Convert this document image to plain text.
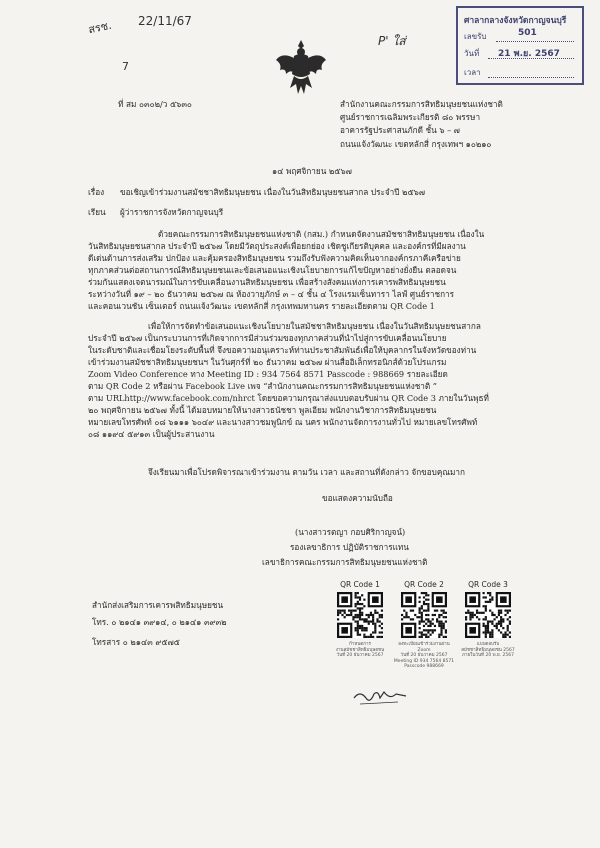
สรช. 22/11/67
7
P' ใส่
ศาลากลางจังหวัดกาญจนบุรี
เลขรับ	501
วันที่ 21 พ.ย. 2567
เวลา
ที่ สม ๐๓๐๒/ว ๕๖๓๐	สำนักงานคณะกรรมการสิทธิมนุษยชนแห่งชาติ
ศูนย์ราชการเฉลิมพระเกียรติ ๘๐ พรรษา
อาคารรัฐประศาสนภักดี ชั้น ๖ – ๗
ถนนแจ้งวัฒนะ เขตหลักสี่ กรุงเทพฯ ๑๐๒๑๐
๑๔ พฤศจิกายน ๒๕๖๗
เรื่อง ขอเชิญเข้าร่วมงานสมัชชาสิทธิมนุษยชน เนื่องในวันสิทธิมนุษยชนสากล ประจำปี ๒๕๖๗
เรียน ผู้ว่าราชการจังหวัดกาญจนบุรี
ด้วยคณะกรรมการสิทธิมนุษยชนแห่งชาติ (กสม.) กำหนดจัดงานสมัชชาสิทธิมนุษยชน เนื่องใน
วันสิทธิมนุษยชนสากล ประจำปี ๒๕๖๗ โดยมีวัตถุประสงค์เพื่อยกย่อง เชิดชูเกียรติบุคคล และองค์กรที่มีผลงาน
ดีเด่นด้านการส่งเสริม ปกป้อง และคุ้มครองสิทธิมนุษยชน รวมถึงรับฟังความคิดเห็นจากองค์กรภาคีเครือข่าย
ทุกภาคส่วนต่อสถานการณ์สิทธิมนุษยชนและข้อเสนอแนะเชิงนโยบายการแก้ไขปัญหาอย่างยั่งยืน ตลอดจน
ร่วมกันแสดงเจตนารมณ์ในการขับเคลื่อนงานสิทธิมนุษยชน เพื่อสร้างสังคมแห่งการเคารพสิทธิมนุษยชน
ระหว่างวันที่ ๑๙ – ๒๐ ธันวาคม ๒๕๖๗ ณ ห้องวายุภักษ์ ๓ – ๔ ชั้น ๔ โรงแรมเซ็นทารา ไลฟ์ ศูนย์ราชการ
และคอนเวนชัน เซ็นเตอร์ ถนนแจ้งวัฒนะ เขตหลักสี่ กรุงเทพมหานคร รายละเอียดตาม QR Code 1
เพื่อให้การจัดทำข้อเสนอแนะเชิงนโยบายในสมัชชาสิทธิมนุษยชน เนื่องในวันสิทธิมนุษยชนสากล
ประจำปี ๒๕๖๗ เป็นกระบวนการที่เกิดจากการมีส่วนร่วมของทุกภาคส่วนที่นำไปสู่การขับเคลื่อนนโยบาย
ในระดับชาติและเชื่อมโยงระดับพื้นที่ จึงขอความอนุเคราะห์ท่านประชาสัมพันธ์เพื่อให้บุคลากรในจังหวัดของท่าน
เข้าร่วมงานสมัชชาสิทธิมนุษยชนฯ ในวันศุกร์ที่ ๒๐ ธันวาคม ๒๕๖๗ ผ่านสื่ออิเล็กทรอนิกส์ด้วยโปรแกรม
Zoom Video Conference ทาง Meeting ID : 934 7564 8571 Passcode : 988669 รายละเอียด
ตาม QR Code 2 หรือผ่าน Facebook Live เพจ “สำนักงานคณะกรรมการสิทธิมนุษยชนแห่งชาติ ”
ตาม URLhttp://www.facebook.com/nhrct โดยขอความกรุณาส่งแบบตอบรับผ่าน QR Code 3 ภายในวันพุธที่
๒๐ พฤศจิกายน ๒๕๖๗ ทั้งนี้ ได้มอบหมายให้นางสาวธนัชชา พูลเอียม พนักงานวิชาการสิทธิมนุษยชน
หมายเลขโทรศัพท์ ๐๘ ๖๑๑๑ ๖๐๔๙ และนางสาวชมพูนิกข์ ณ นคร พนักงานจัดการงานทั่วไป หมายเลขโทรศัพท์
๐๘ ๑๑๙๔ ๕๙๑๓ เป็นผู้ประสานงาน
จึงเรียนมาเพื่อโปรดพิจารณาเข้าร่วมงาน ตามวัน เวลา และสถานที่ดังกล่าว จักขอบคุณมาก
ขอแสดงความนับถือ
(นางสาวรตญา กอบศิริกาญจน์)
รองเลขาธิการ ปฏิบัติราชการแทน
เลขาธิการคณะกรรมการสิทธิมนุษยชนแห่งชาติ
สำนักส่งเสริมการเคารพสิทธิมนุษยชน
โทร. ๐ ๒๑๔๑ ๓๙๑๔, ๐ ๒๑๔๑ ๓๙๓๒
โทรสาร ๐ ๒๑๔๓ ๙๕๗๕
QR Code 1	QR Code 2	QR Code 3
กำหนดการ
งานสมัชชาสิทธิมนุษยชน
วันที่ 20 ธันวาคม 2567
ลงทะเบียนเข้าร่วมงานผ่าน Zoom
วันที่ 20 ธันวาคม 2567
Meeting ID 934 7564 8571
Passcode 988669
แบบตอบรับ
สมัชชาสิทธิมนุษยชน 2567
ภายในวันที่ 20 พ.ย. 2567
